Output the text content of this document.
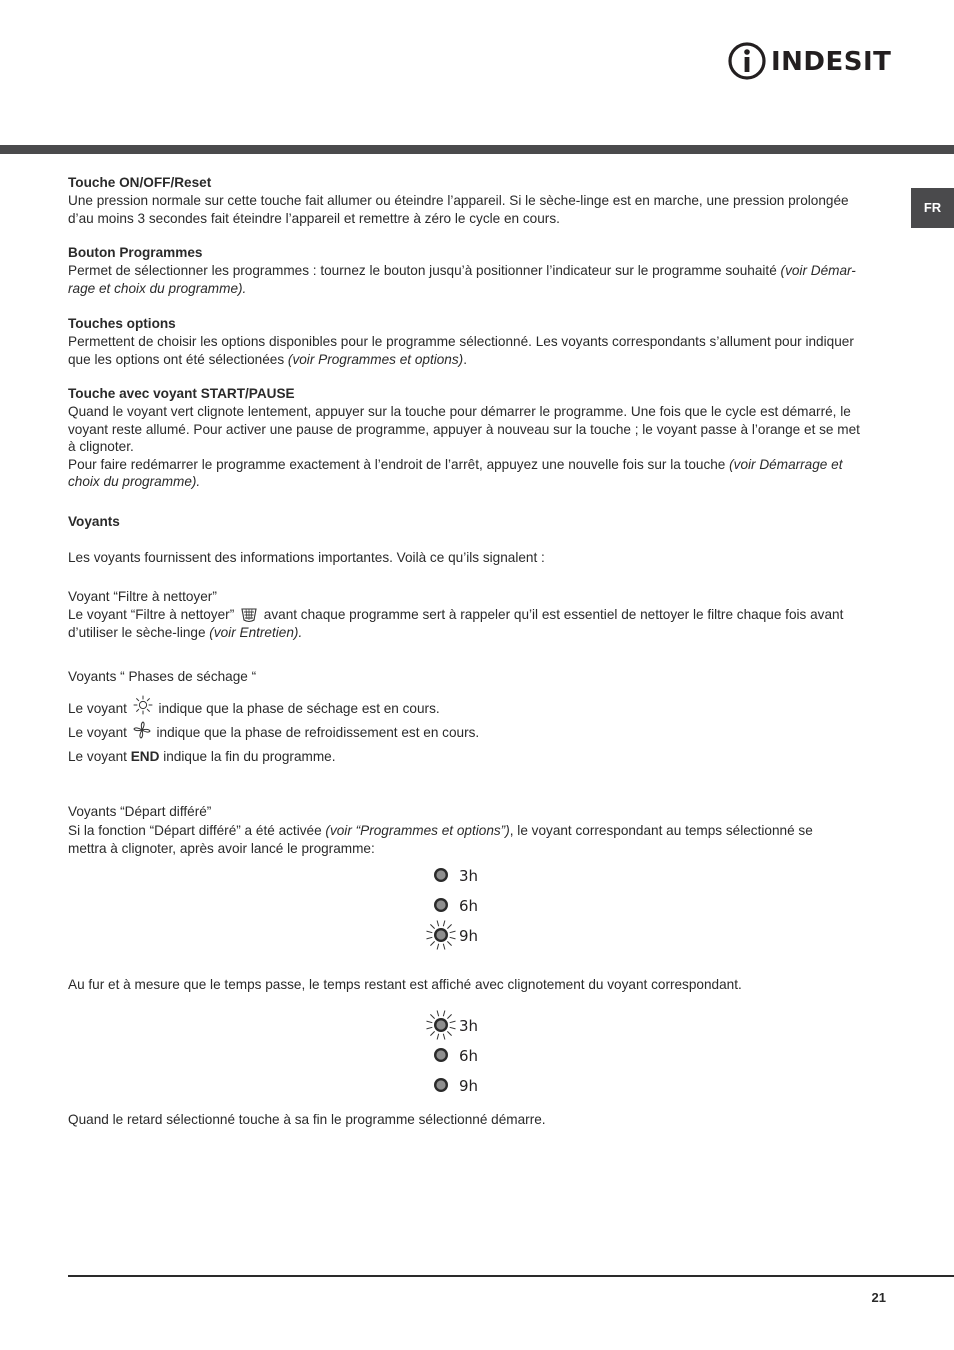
INDESIT
FR
Touche ON/OFF/Reset
Une pression normale sur cette touche fait allumer ou éteindre l’appareil. Si le sèche-linge est en marche, une pression prolongée
d’au moins 3 secondes fait éteindre l’appareil et remettre à zéro le cycle en cours.
Bouton Programmes
Permet de sélectionner les programmes : tournez le bouton jusqu’à positionner l’indicateur sur le programme souhaité (voir Démar-
rage et choix du programme).
Touches options
Permettent de choisir les options disponibles pour le programme sélectionné. Les voyants correspondants s’allument pour indiquer
que les options ont été sélectionées (voir Programmes et options).
Touche avec voyant START/PAUSE
Quand le voyant vert clignote lentement, appuyer sur la touche pour démarrer le programme. Une fois que le cycle est démarré, le
voyant reste allumé. Pour activer une pause de programme, appuyer à nouveau sur la touche ; le voyant passe à l’orange et se met
à clignoter.
Pour faire redémarrer le programme exactement à l’endroit de l’arrêt, appuyez une nouvelle fois sur la touche (voir Démarrage et
choix du programme).
Voyants
Les voyants fournissent des informations importantes. Voilà ce qu’ils signalent :
Voyant “Filtre à nettoyer”
Le voyant “Filtre à nettoyer” avant chaque programme sert à rappeler qu’il est essentiel de nettoyer le filtre chaque fois avant
d’utiliser le sèche-linge (voir Entretien).
Voyants “ Phases de séchage “
Le voyant indique que la phase de séchage est en cours.
Le voyant indique que la phase de refroidissement est en cours.
Le voyant END indique la fin du programme.
Voyants “Départ différé”
Si la fonction “Départ différé” a été activée (voir “Programmes et options”), le voyant correspondant au temps sélectionné se
mettra à clignoter, après avoir lancé le programme:
Au fur et à mesure que le temps passe, le temps restant est affiché avec clignotement du voyant correspondant.
Quand le retard sélectionné touche à sa fin le programme sélectionné démarre.
3h
6h
9h
3h
6h
9h
21
